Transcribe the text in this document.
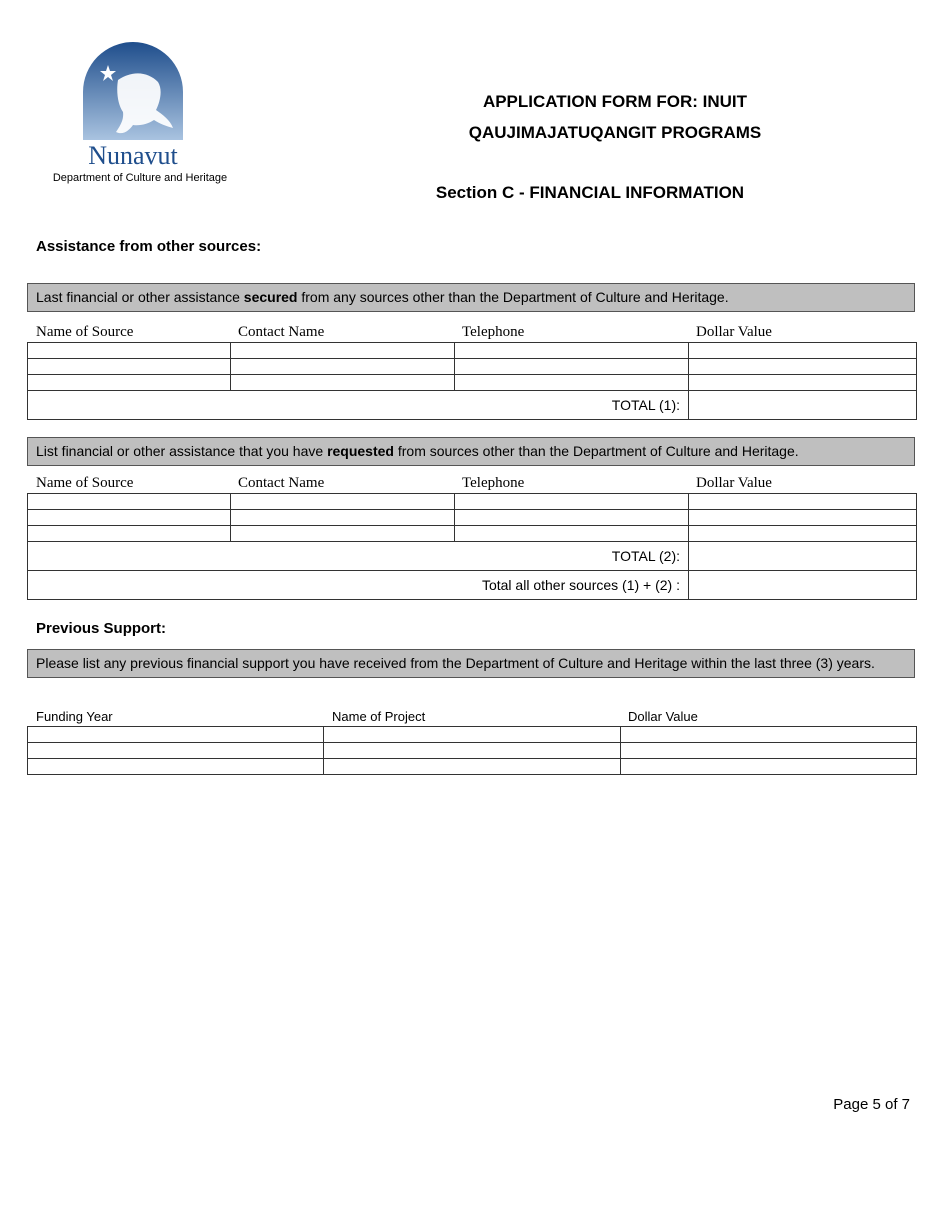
Nunavut
Department of Culture and Heritage
APPLICATION FORM FOR: INUIT
QAUJIMAJATUQANGIT PROGRAMS
Section C - FINANCIAL INFORMATION
Assistance from other sources:
Last financial or other assistance secured from any sources other than the Department of Culture and Heritage.
Name of Source	Contact Name	Telephone	Dollar Value

TOTAL (1):			
List financial or other assistance that you have requested from sources other than the Department of Culture and Heritage.
Name of Source	Contact Name	Telephone	Dollar Value

TOTAL (2):			
Total all other sources (1) + (2) :			
Previous Support:
Please list any previous financial support you have received from the Department of Culture and Heritage within the last three (3) years.
Funding Year	Name of Project	Dollar Value

Page 5 of 7
